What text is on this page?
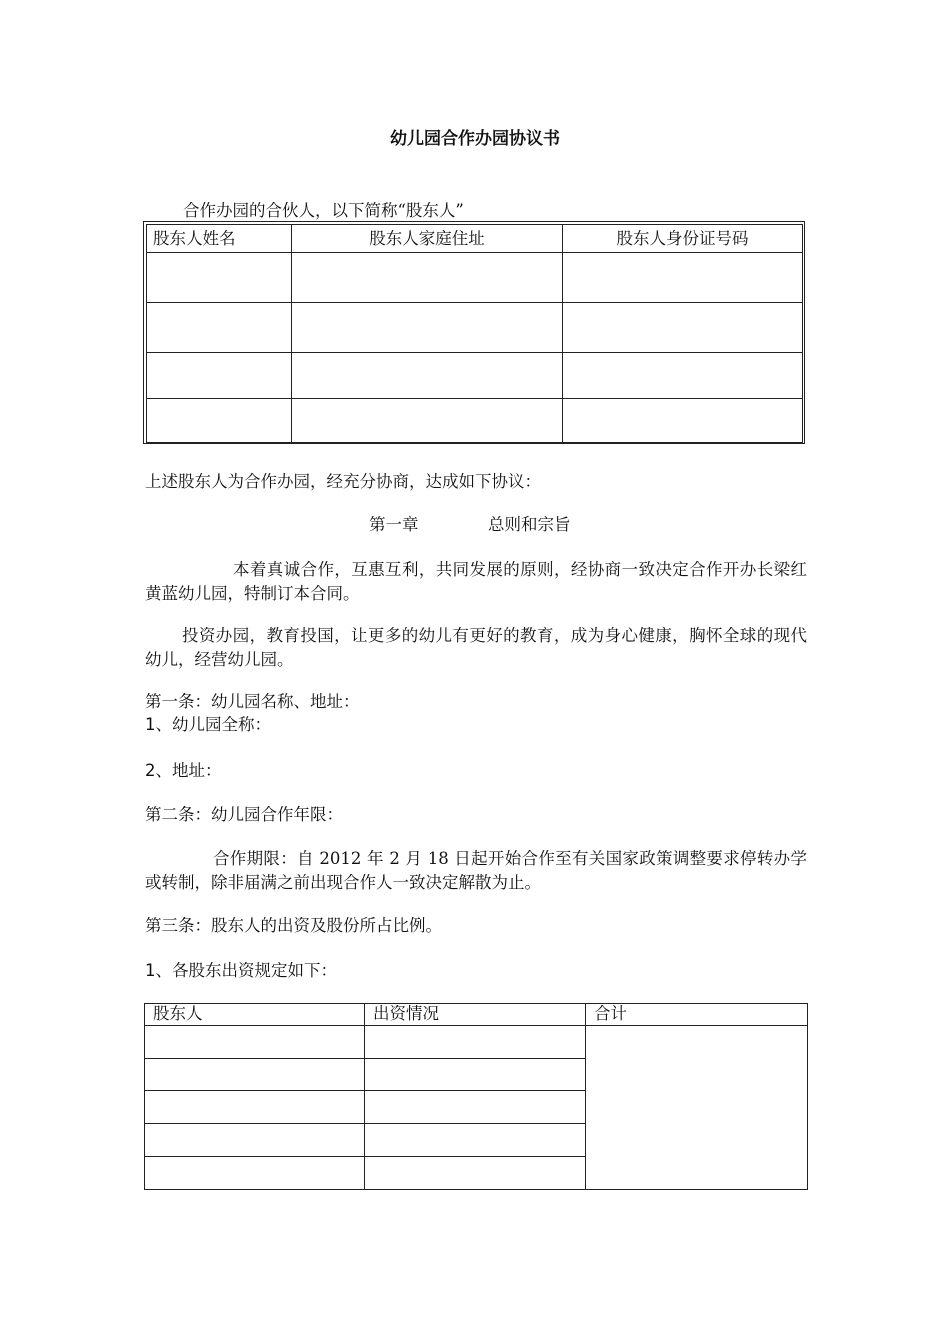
幼儿园合作办园协议书
合作办园的合伙人，以下简称“股东人”
股东人姓名	股东人家庭住址	股东人身份证号码

上述股东人为合作办园，经充分协商，达成如下协议：
第一章	总则和宗旨
本着真诚合作，互惠互利，共同发展的原则，经协商一致决定合作开办长梁红黄蓝幼儿园，特制订本合同。
投资办园，教育投国，让更多的幼儿有更好的教育，成为身心健康，胸怀全球的现代幼儿，经营幼儿园。
第一条：幼儿园名称、地址：
1、幼儿园全称：
2、地址：
第二条：幼儿园合作年限：
合作期限：自 2012 年 2 月 18 日起开始合作至有关国家政策调整要求停转办学或转制，除非届满之前出现合作人一致决定解散为止。
第三条：股东人的出资及股份所占比例。
1、各股东出资规定如下：
股东人	出资情况	合计
